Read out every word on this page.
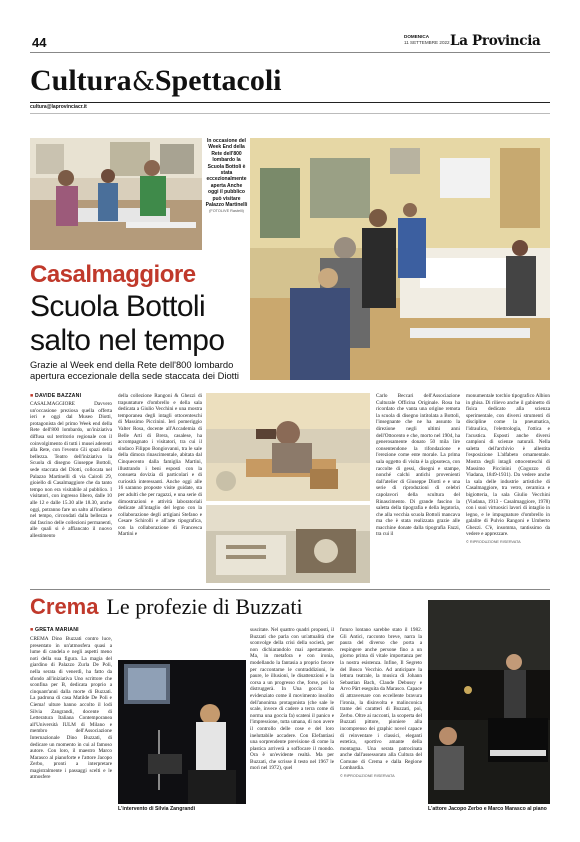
44	DOMENICA
11 SETTEMBRE 2022 La Provincia
Cultura&Spettacoli
cultura@laprovinciacr.it
In occasione del Week End della Rete dell'800 lombardo la Scuola Bottoli è stata eccezionalmente aperta Anche oggi il pubblico può visitare Palazzo Martinelli
(FOTOLIVE Rastelli)
Casalmaggiore
Scuola Bottoli
salto nel tempo
Grazie al Week end della Rete dell'800 lombardo
apertura eccezionale della sede staccata dei Diotti
■ DAVIDE BAZZANI

CASALMAGGIORE Davvero un'occasione preziosa quella offerta ieri e oggi dal Museo Diotti, protagonista del primo Week end della Rete dell'800 lombardo, un'iniziativa diffusa sul territorio regionale con il coinvolgimento di tutti i musei aderenti alla Rete, con l'evento Gli spazi della bellezza. Teatro dell'iniziativa la Scuola di disegno Giuseppe Bottoli, sede staccata del Diotti, collocata nel Palazzo Martinelli di via Cairoli 29, gioiello di Casalmaggiore che da tanto tempo non era visitabile al pubblico. I visitatori, con ingresso libero, dalle 10 alle 12 e dalle 15.30 alle 18.30, anche oggi, potranno fare un salto all'indietro nel tempo, circondati dalla bellezza e dal fascino delle collezioni permanenti, alle quali si è affiancato il nuovo allestimento

della collezione Rangoni & Ghezzi di trapuntature d'ombrello e della sala dedicata a Giulio Vecchini e una mostra temporanea degli intagli ottocenteschi di Massimo Piccinini. Ieri pomeriggio Valter Rosa, docente all'Accademia di Belle Arti di Brera, casalese, ha accompagnato i visitatori, tra cui il sindaco Filippo Bongiovanni, tra le sale della dimora rinascimentale, abitata dal Cinquecento dalla famiglia Martini, illustrando i beni esposti con la consueta dovizia di particolari e di curiosità interessanti. Anche oggi alle 16 saranno proposte visite guidate, sta per adulti che per ragazzi, e una serie di dimostrazioni e attività laboratoriali dedicate all'intaglio del legno con la collaborazione degli artigiani Stefano e Cesare Schirolli e all'arte tipografica, con la collaborazione di Francesca Martini e

Carlo Beccari dell'Associazione Culturale Officina Originale. Rosa ha ricordato che vanta una origine remota la scuola di disegno intitolata a Bottoli, l'insegnante che ne ha assunto la direzione negli ultimi anni dell'Ottocento e che, morto nel 1904, ha generosamente donato 50 mila lire consentendone la rifondazione e l'erezione come ente morale. La prima sala oggetto di visita è la gipsoteca, con raccolte di gessi, disegni e stampe, nonché calchi antichi provenienti dall'atelier di Giuseppe Diotti e e una serie di riproduzioni di celebri capolavori della scultura del Rinascimento. Di grande fascino la saletta della tipografia e della legatoria, che alla vecchia scuola Bottoli mancava ma che è stata realizzata grazie alle macchine donate dalla tipografia Fazzi, tra cui il

monumentale torchio tipografico Albion in ghisa. Di rilievo anche il gabinetto di fisica dedicato alla scienza sperimentale, con diversi strumenti di discipline come la pneumatica, l'idraulica, l'elettrologia, l'ottica e l'acustica. Esposti anche diversi campioni di scienze naturali. Nella saletta dell'archivio è allestita l'esposizione L'alfabeto ornamentale. Mostra degli intagli ottocenteschi di Massimo Piccinini (Cogozzo di Viadana, 1849-1931). Da vedere anche la sala delle industrie artistiche di Casalmaggiore, tra vetro, ceramica e bigiotteria, la sala Giulio Vecchini (Viadana, 1913 - Casalmaggiore, 1978) con i suoi virtuosici lavori di intaglio in legno, e le impugnature d'ombrello in galalite di Pulvio Rangoni e Umberto Ghezzi. C'è, insomma, tantissimo da vedere e apprezzare.

© RIPRODUZIONE RISERVATA
Crema Le profezie di Buzzati
■ GRETA MARIANI

CREMA Dino Buzzati contro luce, presentato in un'atmosfera quasi a lume di candela e negli aspetti meno noti della sua figura. La magia del giardino di Palazzo Zurla De Poli, nella serata di venerdì, ha fatto da sfondo all'iniziativa Uno scrittore che sconfina per B, dedicata proprio a cinquant'anni dalla morte di Buzzati. La padrona di casa Matilde De Poli e Ciema! ulture hanno accolto il lodi Silvia Zangrandi, docente di Letteratura Italiana Contemporanea all'Università IULM di Milano e membro dell'Associazione Internazionale Dino Buzzati, di dedicare un momento in cui al famoso autore. Con loro, il maestro Marco Marasco al pianoforte e l'attore Jacopo Zerbo, pronti a interpretare magistralmente i passaggi scelti e le atmosfere

L'intervento di Silvia Zangrandi

suscitate. Nel quattro quadri proposti, il Buzzati che parla con un'attualità che sconvolge della crisi della società, per non dichiarandolo mai apertamente. Ma, in metafora e con ironia, modellando la fantasia a proprio favore per raccontarne le contraddizioni, le paure, le illusioni, le disattenzioni e la corsa a un progresso che, forse, poi lo distruggerà. In Una goccia ha evidenziato come il movimento insolito dell'anonima protagonista (che sale le scale, invece di cadere a terra come di norma una goccia fa) scateni il panico e l'impressione, tutta umana, di non avere il controllo delle cose e del loro ineluttabile accadere. Con Elefantiasi una sorprendente previsione di come la plastica arriverà a soffocare il mondo. Ora è un'evidente realtà. Ma per Buzzati, che scrisse il testo nel 1967 le morì nel 1972), quel

futuro lontano sarebbe stato il 1982. Gli Antici, racconto breve, narra la paura del diverso che porta a respingere anche persone fino a un giorno prima di vitale importanza per la nostra esistenza. Infine, Il Segreto del Bosco Vecchio. Ad anticipare la lettura teatrale, la musica di Johann Sebastian Bach, Claude Debussy e Arvo Pärt eseguita da Marasco. Capace di attraversare con eccellente bravura l'ironia, la disinvolta e malinconica trame dei caratteri di Buzzati, poi, Zerbo. Oltre ai racconti, la scoperta del Buzzati pittore, pioniere alla incomprenso dei graphic novel capace di reinventare i classici, eleganti estetica, sportivo amante della montagna. Una serata patrocinata anche dall'assessorato alla Cultura del Comune di Crema e dalla Regione Lombardia.

© RIPRODUZIONE RISERVATA
L'attore Jacopo Zerbo e Marco Marasco al piano
